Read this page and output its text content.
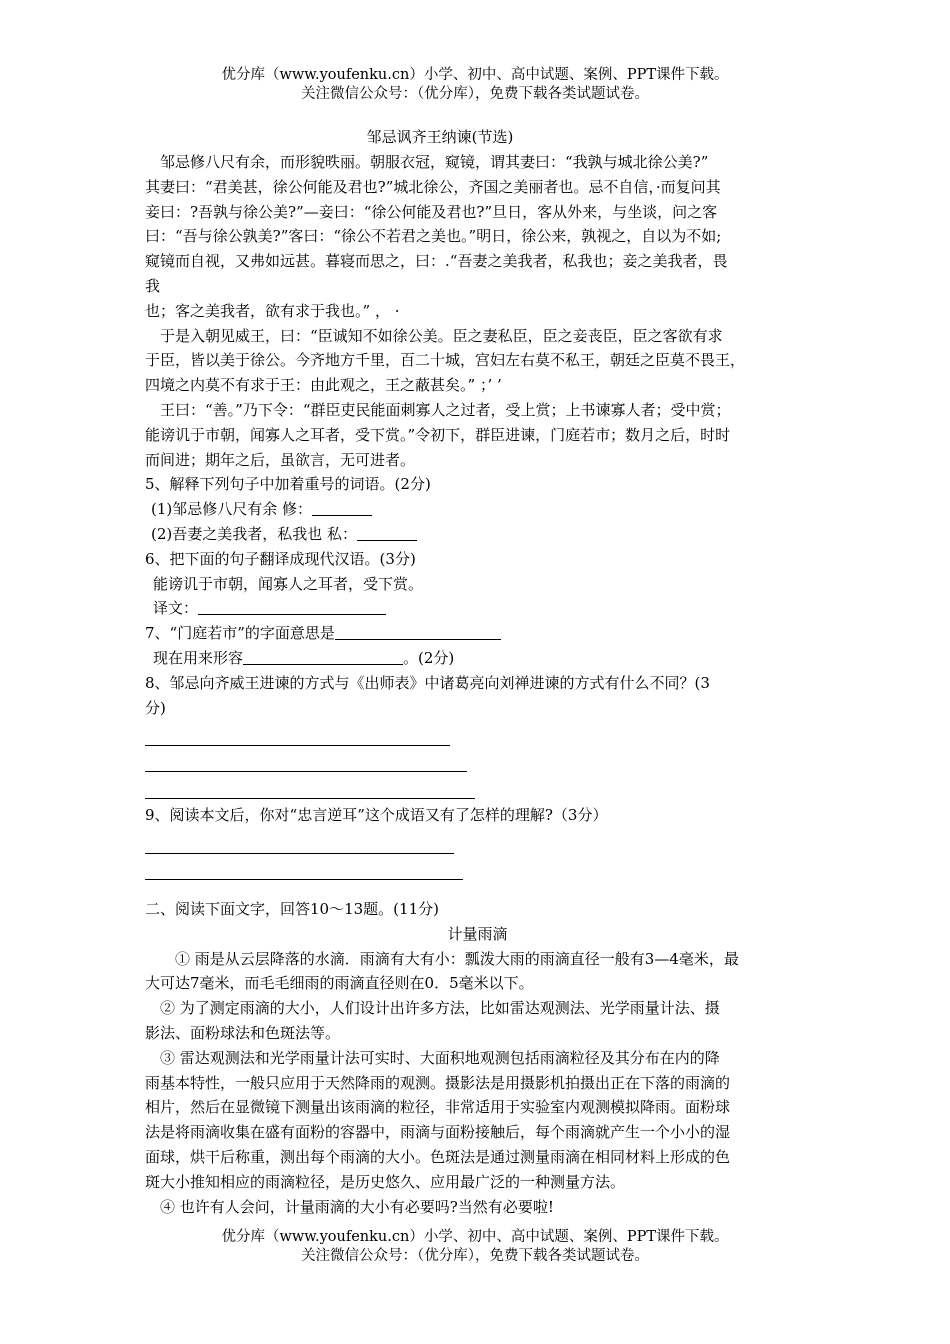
优分库（www.youfenku.cn）小学、初中、高中试题、案例、PPT课件下载。
关注微信公众号：（优分库），免费下载各类试题试卷。
邹忌讽齐王纳谏(节选)

邹忌修八尺有余，而形貌昳丽。朝服衣冠，窥镜，谓其妻曰：“我孰与城北徐公美?”

其妻曰：“君美甚，徐公何能及君也?”城北徐公，齐国之美丽者也。忌不自信，·而复问其

妾曰：?吾孰与徐公美?”—妾曰：“徐公何能及君也?”旦日，客从外来，与坐谈，问之客

曰：“吾与徐公孰美?”客曰：“徐公不若君之美也。”明日，徐公来，孰视之，自以为不如;

窥镜而自视，又弗如远甚。暮寝而思之，曰：.“吾妻之美我者，私我也；妾之美我者，畏

我

也；客之美我者，欲有求于我也。” ， ·

于是入朝见威王，曰：“臣诚知不如徐公美。臣之妻私臣，臣之妾丧臣，臣之客欲有求

于臣，皆以美于徐公。今齐地方千里，百二十城，宫妇左右莫不私王，朝廷之臣莫不畏王，

四境之内莫不有求于王：由此观之，王之蔽甚矣。” ；’ ’

王曰：“善。”乃下令：“群臣吏民能面刺寡人之过者，受上赏；上书谏寡人者；受中赏；

能谤讥于市朝，闻寡人之耳者，受下赏。”令初下，群臣进谏，门庭若市；数月之后，时时

而间进；期年之后，虽欲言，无可进者。

5、解释下列句子中加着重号的词语。(2分)

(1)邹忌修八尺有余 修：

(2)吾妻之美我者，私我也 私：

6、把下面的句子翻译成现代汉语。(3分)

能谤讥于市朝，闻寡人之耳者，受下赏。

译文：

7、“门庭若市”的字面意思是

现在用来形容	。(2分)

8、邹忌向齐威王进谏的方式与《出师表》中诸葛亮向刘禅进谏的方式有什么不同？(3

分)

9、阅读本文后，你对“忠言逆耳”这个成语又有了怎样的理解?（3分）

二、阅读下面文字，回答10～13题。(11分)

计量雨滴

① 雨是从云层降落的水滴．雨滴有大有小：瓢泼大雨的雨滴直径一般有3—4毫米，最

大可达7毫米，而毛毛细雨的雨滴直径则在0．5毫米以下。

② 为了测定雨滴的大小，人们设计出许多方法，比如雷达观测法、光学雨量计法、摄

影法、面粉球法和色斑法等。

③ 雷达观测法和光学雨量计法可实时、大面积地观测包括雨滴粒径及其分布在内的降

雨基本特性，一般只应用于天然降雨的观测。摄影法是用摄影机拍摄出正在下落的雨滴的

相片，然后在显微镜下测量出该雨滴的粒径，非常适用于实验室内观测模拟降雨。面粉球

法是将雨滴收集在盛有面粉的容器中，雨滴与面粉接触后，每个雨滴就产生一个小小的湿

面球，烘干后称重，测出每个雨滴的大小。色斑法是通过测量雨滴在相同材料上形成的色

斑大小推知相应的雨滴粒径，是历史悠久、应用最广泛的一种测量方法。

④ 也许有人会问，计量雨滴的大小有必要吗?当然有必要啦!

优分库（www.youfenku.cn）小学、初中、高中试题、案例、PPT课件下载。
关注微信公众号：（优分库），免费下载各类试题试卷。
